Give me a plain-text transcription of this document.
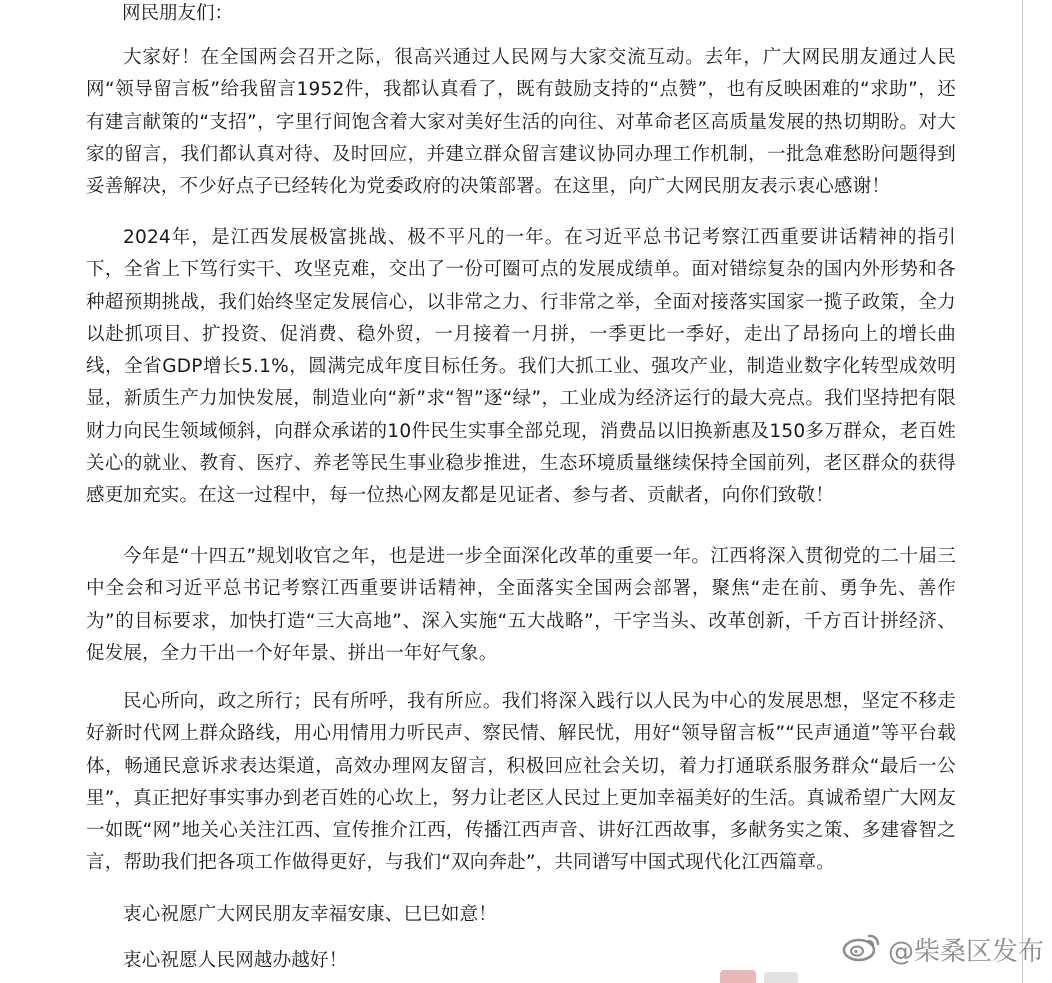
网民朋友们：

大家好！在全国两会召开之际，很高兴通过人民网与大家交流互动。去年，广大网民朋友通过人民网“领导留言板”给我留言1952件，我都认真看了，既有鼓励支持的“点赞”，也有反映困难的“求助”，还有建言献策的“支招”，字里行间饱含着大家对美好生活的向往、对革命老区高质量发展的热切期盼。对大家的留言，我们都认真对待、及时回应，并建立群众留言建议协同办理工作机制，一批急难愁盼问题得到妥善解决，不少好点子已经转化为党委政府的决策部署。在这里，向广大网民朋友表示衷心感谢！

2024年，是江西发展极富挑战、极不平凡的一年。在习近平总书记考察江西重要讲话精神的指引下，全省上下笃行实干、攻坚克难，交出了一份可圈可点的发展成绩单。面对错综复杂的国内外形势和各种超预期挑战，我们始终坚定发展信心，以非常之力、行非常之举，全面对接落实国家一揽子政策，全力以赴抓项目、扩投资、促消费、稳外贸，一月接着一月拼，一季更比一季好，走出了昂扬向上的增长曲线，全省GDP增长5.1%，圆满完成年度目标任务。我们大抓工业、强攻产业，制造业数字化转型成效明显，新质生产力加快发展，制造业向“新”求“智”逐“绿”，工业成为经济运行的最大亮点。我们坚持把有限财力向民生领域倾斜，向群众承诺的10件民生实事全部兑现，消费品以旧换新惠及150多万群众，老百姓关心的就业、教育、医疗、养老等民生事业稳步推进，生态环境质量继续保持全国前列，老区群众的获得感更加充实。在这一过程中，每一位热心网友都是见证者、参与者、贡献者，向你们致敬！

今年是“十四五”规划收官之年，也是进一步全面深化改革的重要一年。江西将深入贯彻党的二十届三中全会和习近平总书记考察江西重要讲话精神，全面落实全国两会部署，聚焦“走在前、勇争先、善作为”的目标要求，加快打造“三大高地”、深入实施“五大战略”，干字当头、改革创新，千方百计拼经济、促发展，全力干出一个好年景、拼出一年好气象。

民心所向，政之所行；民有所呼，我有所应。我们将深入践行以人民为中心的发展思想，坚定不移走好新时代网上群众路线，用心用情用力听民声、察民情、解民忧，用好“领导留言板”“民声通道”等平台载体，畅通民意诉求表达渠道，高效办理网友留言，积极回应社会关切，着力打通联系服务群众“最后一公里”，真正把好事实事办到老百姓的心坎上，努力让老区人民过上更加幸福美好的生活。真诚希望广大网友一如既“网”地关心关注江西、宣传推介江西，传播江西声音、讲好江西故事，多献务实之策、多建睿智之言，帮助我们把各项工作做得更好，与我们“双向奔赴”，共同谱写中国式现代化江西篇章。

衷心祝愿广大网民朋友幸福安康、巳巳如意！

衷心祝愿人民网越办越好！	@柴桑区发布
